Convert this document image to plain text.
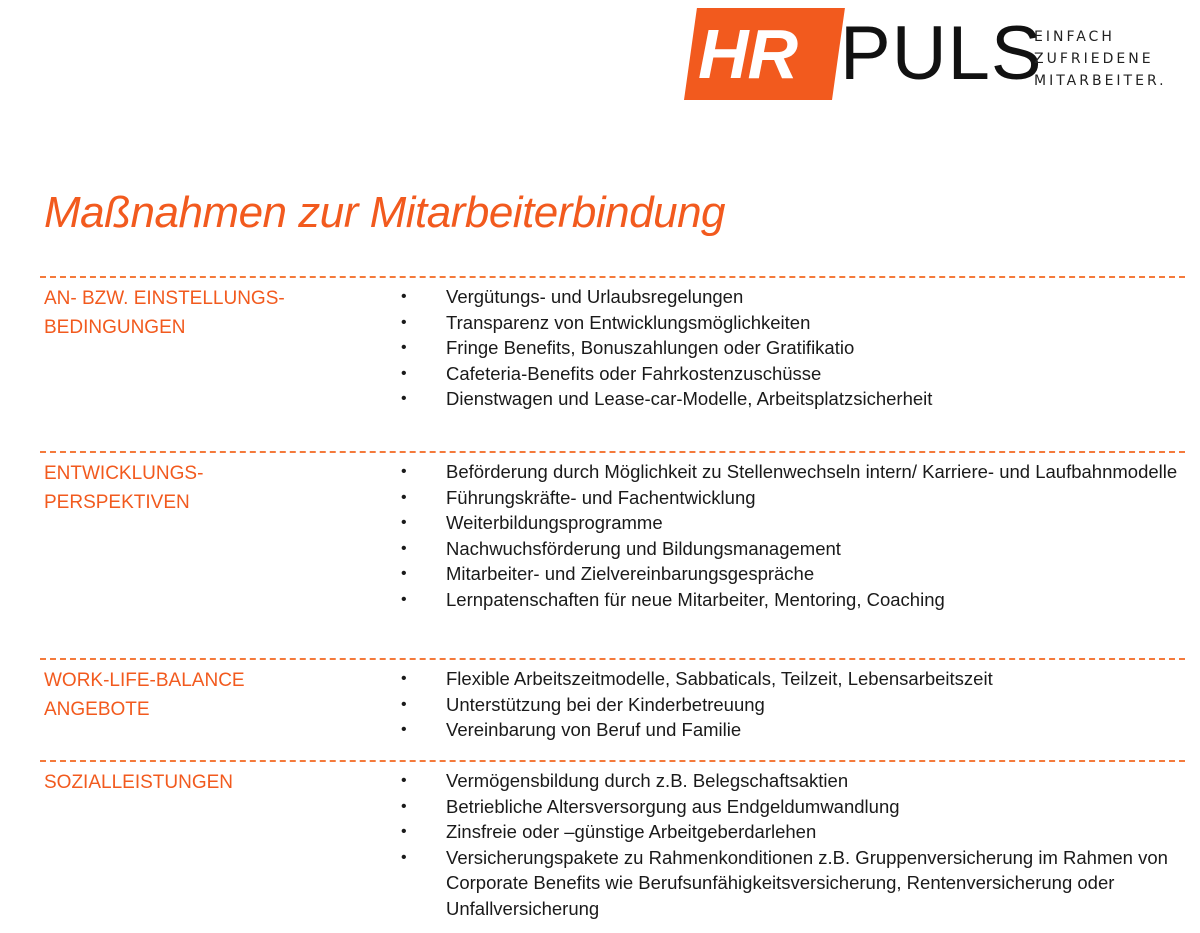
HR PULS
EINFACH
ZUFRIEDENE
MITARBEITER.
Maßnahmen zur Mitarbeiterbindung
AN- BZW. EINSTELLUNGS-
BEDINGUNGEN
• Vergütungs- und Urlaubsregelungen
• Transparenz von Entwicklungsmöglichkeiten
• Fringe Benefits, Bonuszahlungen oder Gratifikatio
• Cafeteria-Benefits oder Fahrkostenzuschüsse
• Dienstwagen und Lease-car-Modelle, Arbeitsplatzsicherheit
ENTWICKLUNGS-
PERSPEKTIVEN
• Beförderung durch Möglichkeit zu Stellenwechseln intern/ Karriere- und Laufbahnmodelle
• Führungskräfte- und Fachentwicklung
• Weiterbildungsprogramme
• Nachwuchsförderung und Bildungsmanagement
• Mitarbeiter- und Zielvereinbarungsgespräche
• Lernpatenschaften für neue Mitarbeiter, Mentoring, Coaching
WORK-LIFE-BALANCE
ANGEBOTE
• Flexible Arbeitszeitmodelle, Sabbaticals, Teilzeit, Lebensarbeitszeit
• Unterstützung bei der Kinderbetreuung
• Vereinbarung von Beruf und Familie
SOZIALLEISTUNGEN	• Vermögensbildung durch z.B. Belegschaftsaktien
• Betriebliche Altersversorgung aus Endgeldumwandlung
• Zinsfreie oder –günstige Arbeitgeberdarlehen
• Versicherungspakete zu Rahmenkonditionen z.B. Gruppenversicherung im Rahmen von Corporate Benefits wie Berufsunfähigkeitsversicherung, Rentenversicherung oder Unfallversicherung
